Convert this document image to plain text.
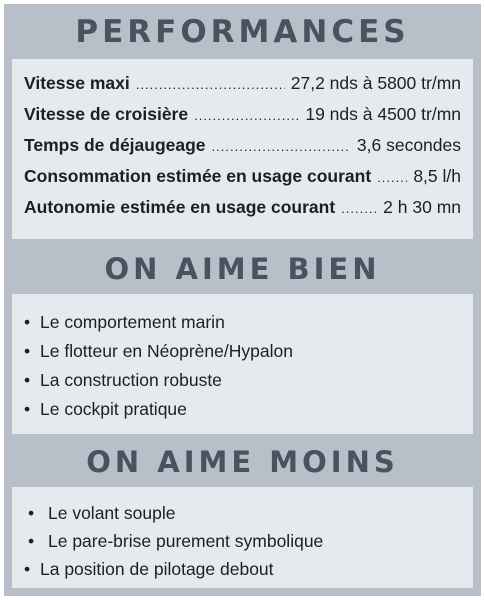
PERFORMANCES
Vitesse maxi .....	27,2 nds à 5800 tr/mn
Vitesse de croisière .....	19 nds à 4500 tr/mn
Temps de déjaugeage .....	3,6 secondes
Consommation estimée en usage courant ..... 8,5 l/h
Autonomie estimée en usage courant .....	2 h 30 mn
ON AIME BIEN
• Le comportement marin
• Le flotteur en Néoprène/Hypalon
• La construction robuste
• Le cockpit pratique
ON AIME MOINS
• Le volant souple
• Le pare-brise purement symbolique
• La position de pilotage debout
